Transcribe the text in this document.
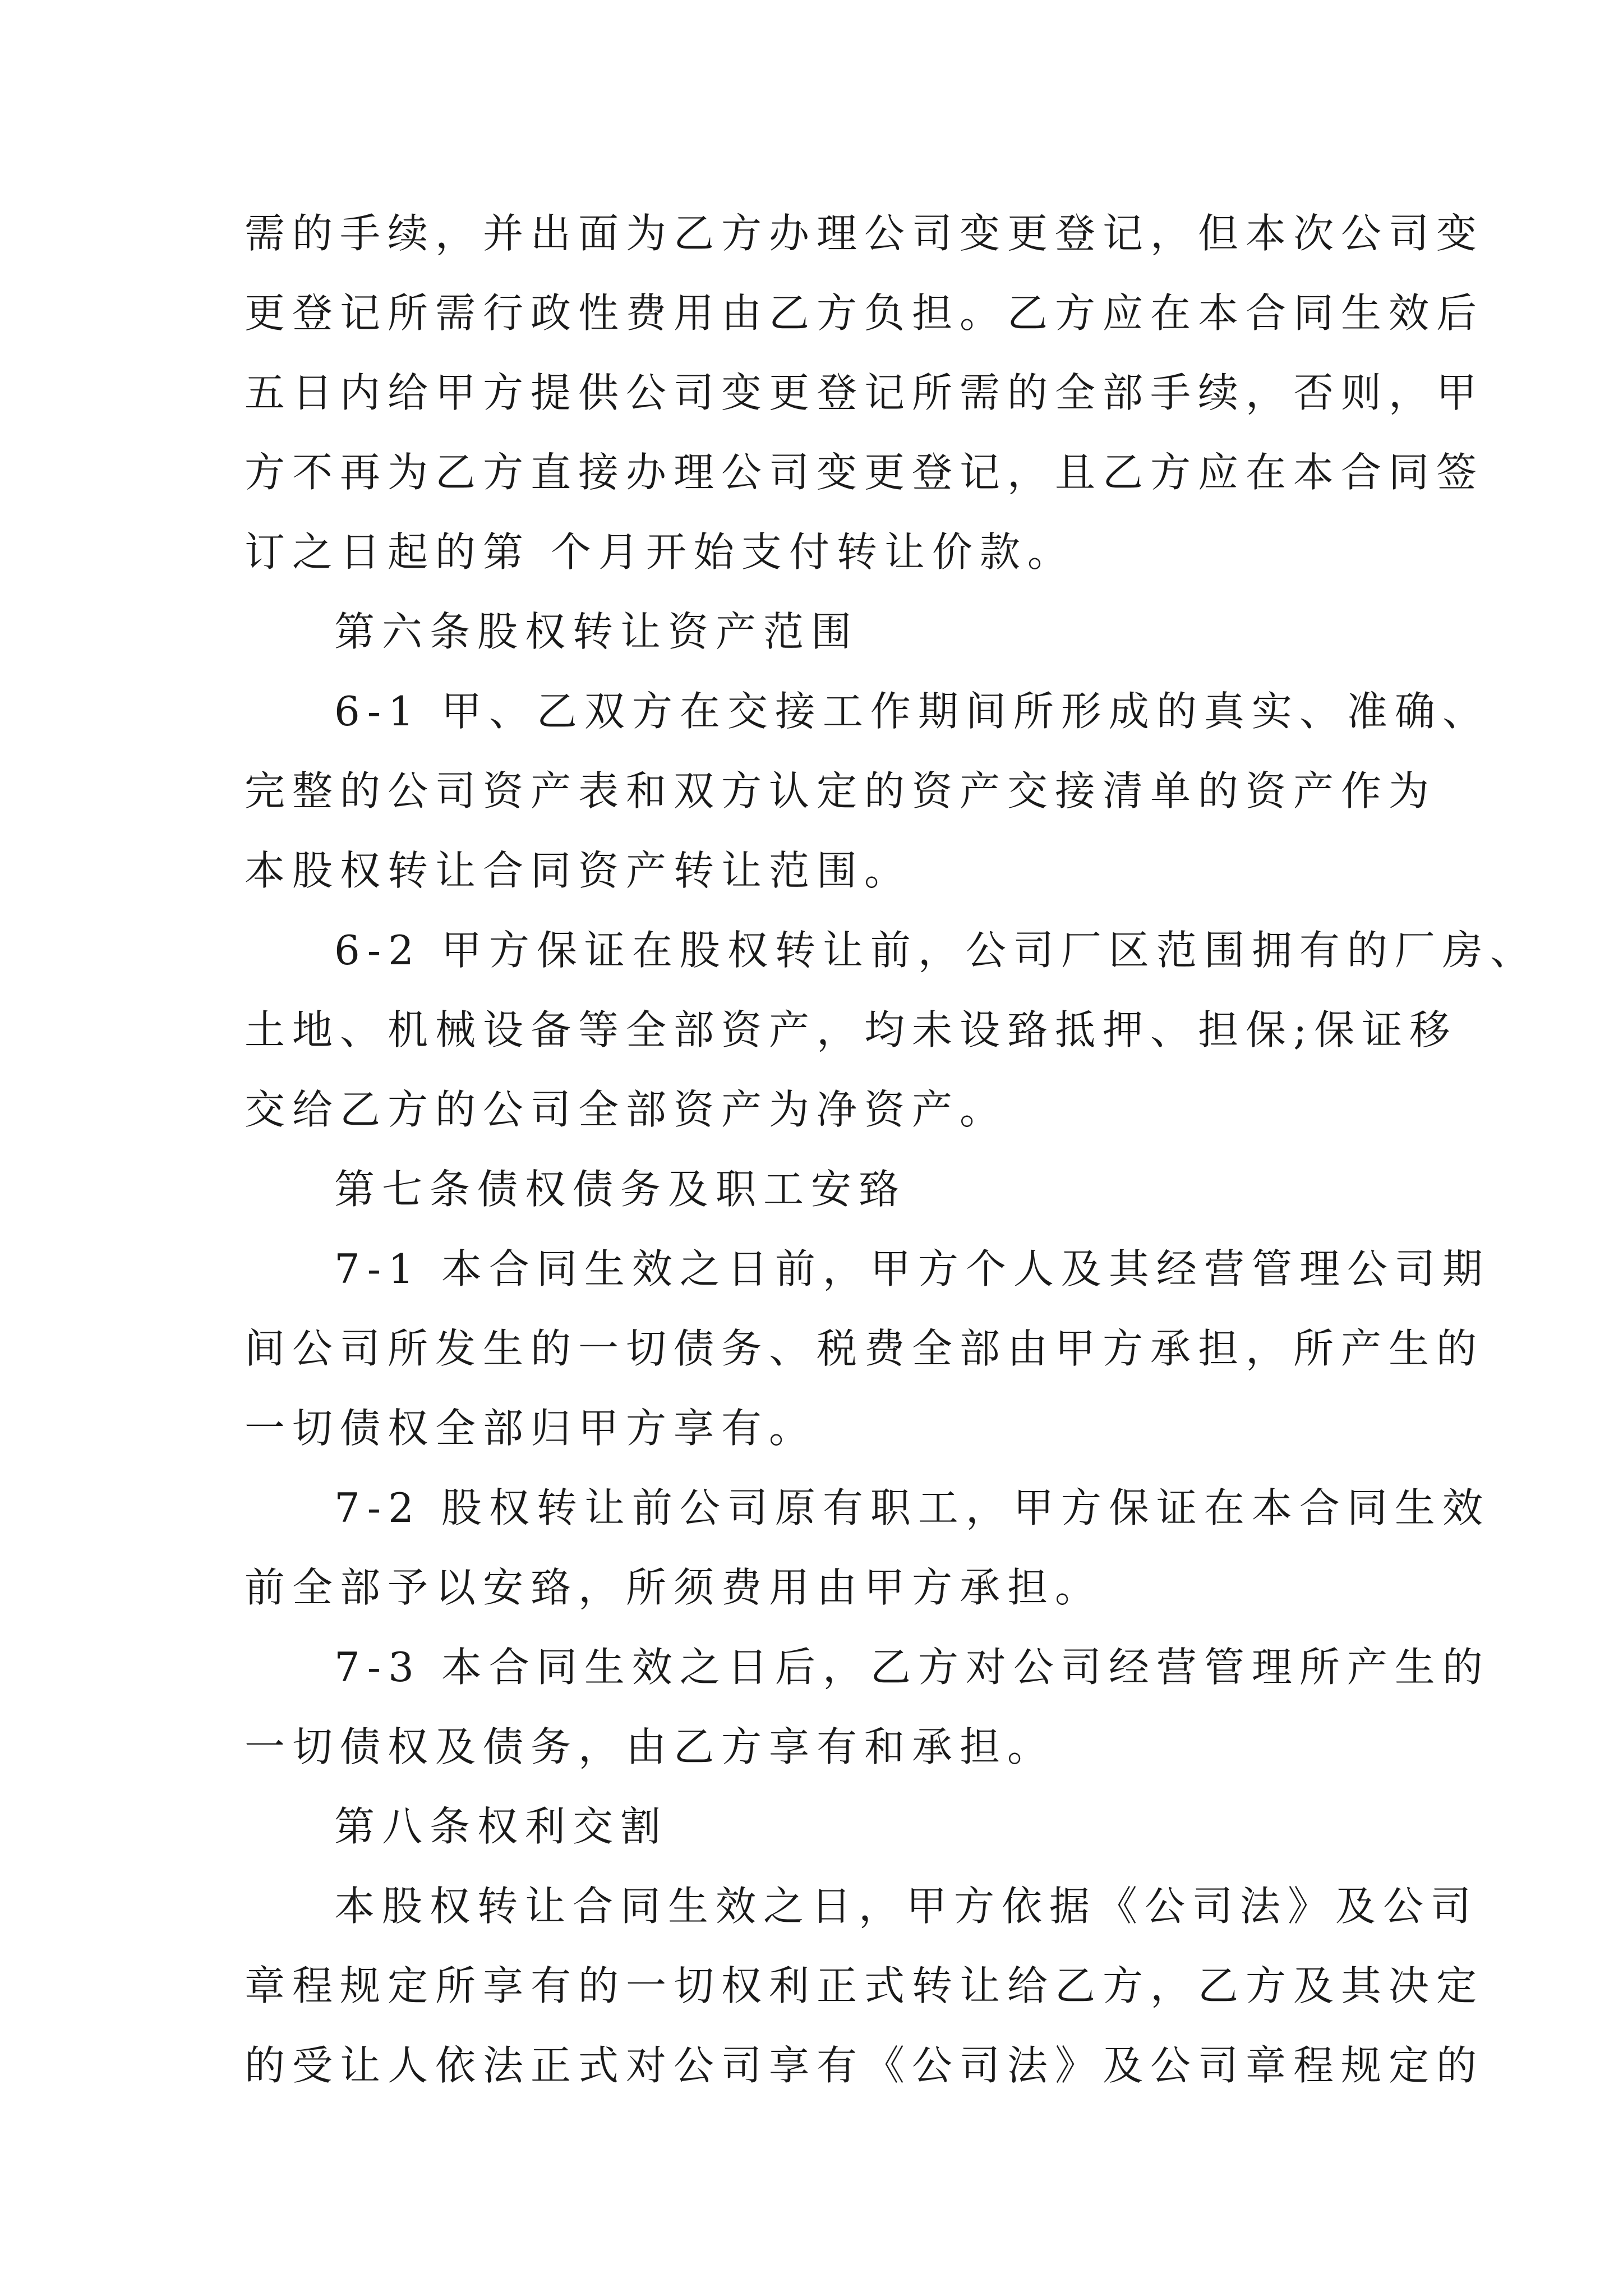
需的手续，并出面为乙方办理公司变更登记，但本次公司变
更登记所需行政性费用由乙方负担。乙方应在本合同生效后
五日内给甲方提供公司变更登记所需的全部手续，否则，甲
方不再为乙方直接办理公司变更登记，且乙方应在本合同签
订之日起的第 个月开始支付转让价款。
第六条股权转让资产范围
6-1 甲、乙双方在交接工作期间所形成的真实、准确、
完整的公司资产表和双方认定的资产交接清单的资产作为
本股权转让合同资产转让范围。
6-2 甲方保证在股权转让前，公司厂区范围拥有的厂房、
土地、机械设备等全部资产，均未设臵抵押、担保;保证移
交给乙方的公司全部资产为净资产。
第七条债权债务及职工安臵
7-1 本合同生效之日前，甲方个人及其经营管理公司期
间公司所发生的一切债务、税费全部由甲方承担，所产生的
一切债权全部归甲方享有。
7-2 股权转让前公司原有职工，甲方保证在本合同生效
前全部予以安臵，所须费用由甲方承担。
7-3 本合同生效之日后，乙方对公司经营管理所产生的
一切债权及债务，由乙方享有和承担。
第八条权利交割
本股权转让合同生效之日，甲方依据《公司法》及公司
章程规定所享有的一切权利正式转让给乙方，乙方及其决定
的受让人依法正式对公司享有《公司法》及公司章程规定的
